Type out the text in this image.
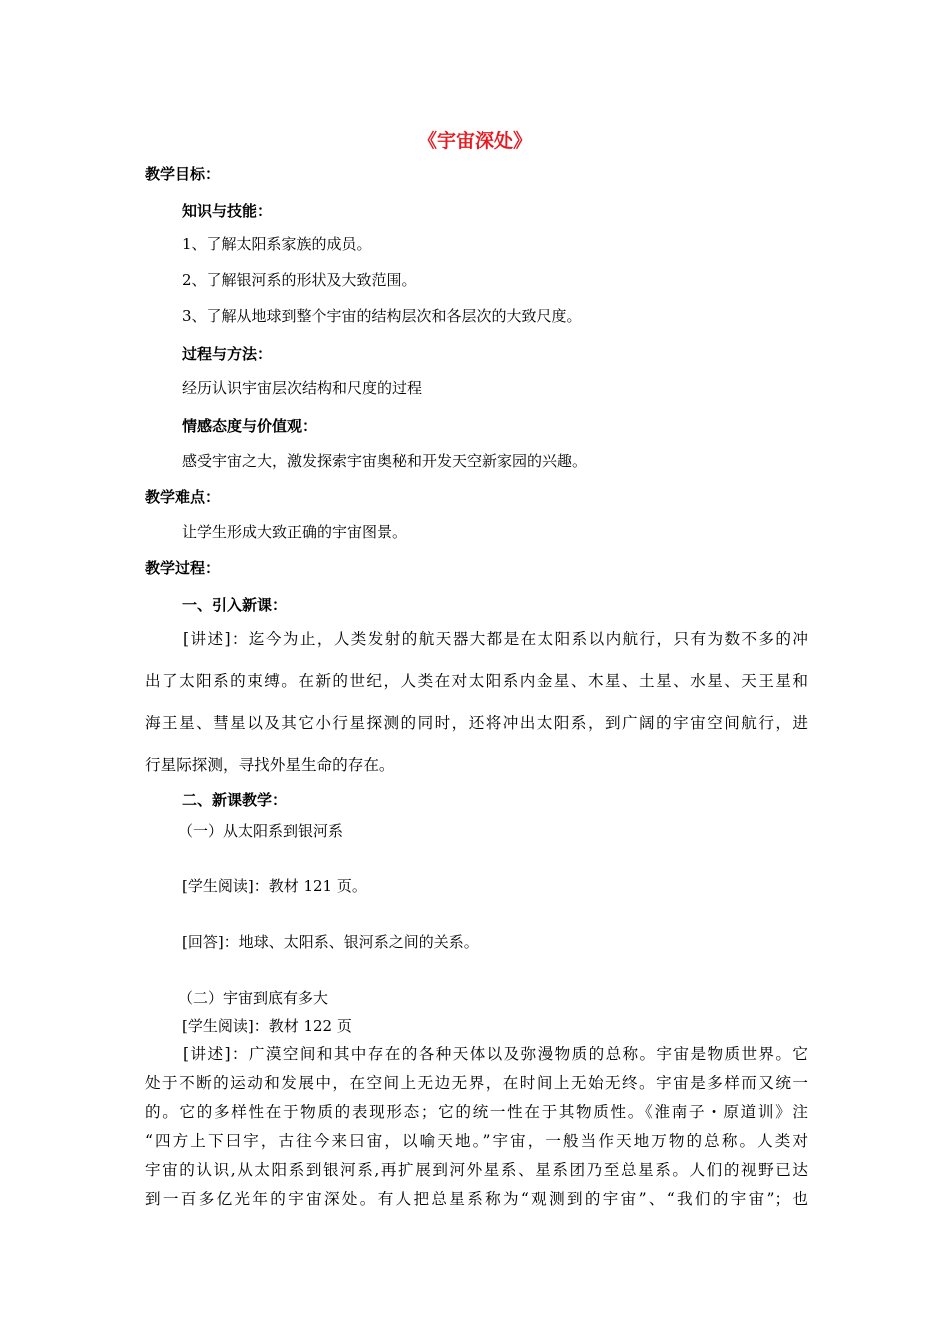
《宇宙深处》
教学目标：
知识与技能：
1、了解太阳系家族的成员。
2、了解银河系的形状及大致范围。
3、了解从地球到整个宇宙的结构层次和各层次的大致尺度。
过程与方法：
经历认识宇宙层次结构和尺度的过程
情感态度与价值观：
感受宇宙之大，激发探索宇宙奥秘和开发天空新家园的兴趣。
教学难点：
让学生形成大致正确的宇宙图景。
教学过程：
一、引入新课：
[讲述]：迄今为止，人类发射的航天器大都是在太阳系以内航行，只有为数不多的冲
出了太阳系的束缚。在新的世纪，人类在对太阳系内金星、木星、土星、水星、天王星和
海王星、彗星以及其它小行星探测的同时，还将冲出太阳系，到广阔的宇宙空间航行，进
行星际探测，寻找外星生命的存在。
二、新课教学：
（一）从太阳系到银河系
[学生阅读]：教材 121 页。
[回答]：地球、太阳系、银河系之间的关系。
（二）宇宙到底有多大
[学生阅读]：教材 122 页
[讲述]：广漠空间和其中存在的各种天体以及弥漫物质的总称。宇宙是物质世界。它
处于不断的运动和发展中，在空间上无边无界，在时间上无始无终。宇宙是多样而又统一
的。它的多样性在于物质的表现形态；它的统一性在于其物质性。《淮南子・原道训》注
“四方上下曰宇，古往今来曰宙，以喻天地。”宇宙，一般当作天地万物的总称。人类对
宇宙的认识,从太阳系到银河系,再扩展到河外星系、星系团乃至总星系。人们的视野已达
到一百多亿光年的宇宙深处。有人把总星系称为“观测到的宇宙”、“我们的宇宙”；也
